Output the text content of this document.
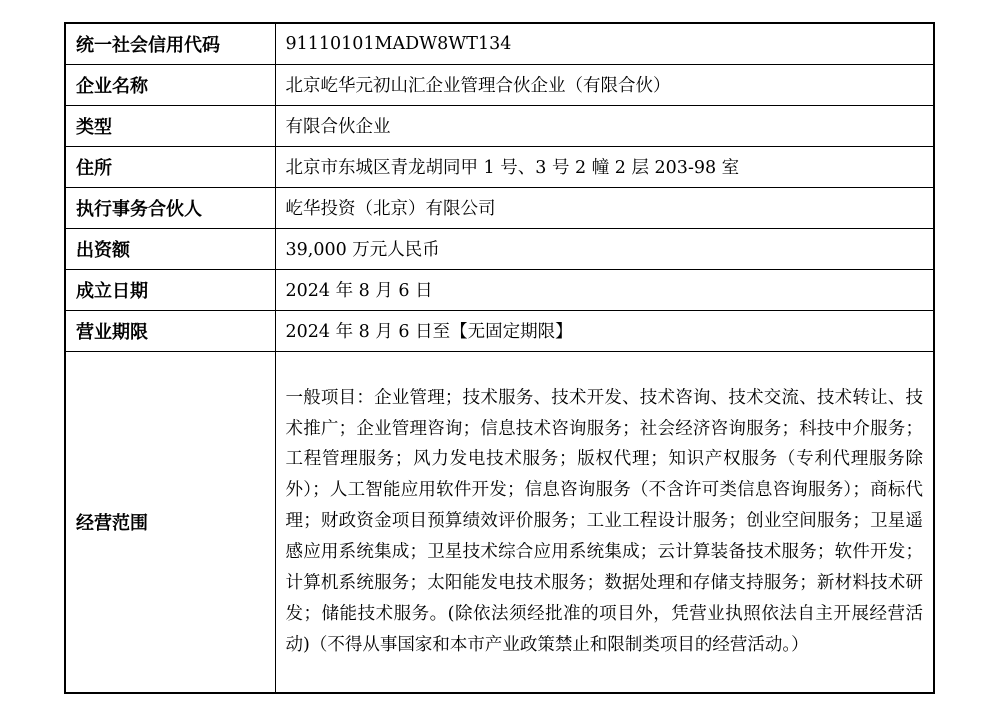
统一社会信用代码	91110101MADW8WT134
企业名称	北京屹华元初山汇企业管理合伙企业（有限合伙）
类型	有限合伙企业
住所	北京市东城区青龙胡同甲 1 号、3 号 2 幢 2 层 203-98 室
执行事务合伙人	屹华投资（北京）有限公司
出资额	39,000 万元人民币
成立日期	2024 年 8 月 6 日
营业期限	2024 年 8 月 6 日至【无固定期限】
经营范围	一般项目：企业管理；技术服务、技术开发、技术咨询、技术交流、技术转让、技术推广；企业管理咨询；信息技术咨询服务；社会经济咨询服务；科技中介服务；工程管理服务；风力发电技术服务；版权代理；知识产权服务（专利代理服务除外）；人工智能应用软件开发；信息咨询服务（不含许可类信息咨询服务）；商标代理；财政资金项目预算绩效评价服务；工业工程设计服务；创业空间服务；卫星遥感应用系统集成；卫星技术综合应用系统集成；云计算装备技术服务；软件开发；计算机系统服务；太阳能发电技术服务；数据处理和存储支持服务；新材料技术研发；储能技术服务。(除依法须经批准的项目外，凭营业执照依法自主开展经营活动)（不得从事国家和本市产业政策禁止和限制类项目的经营活动。）
